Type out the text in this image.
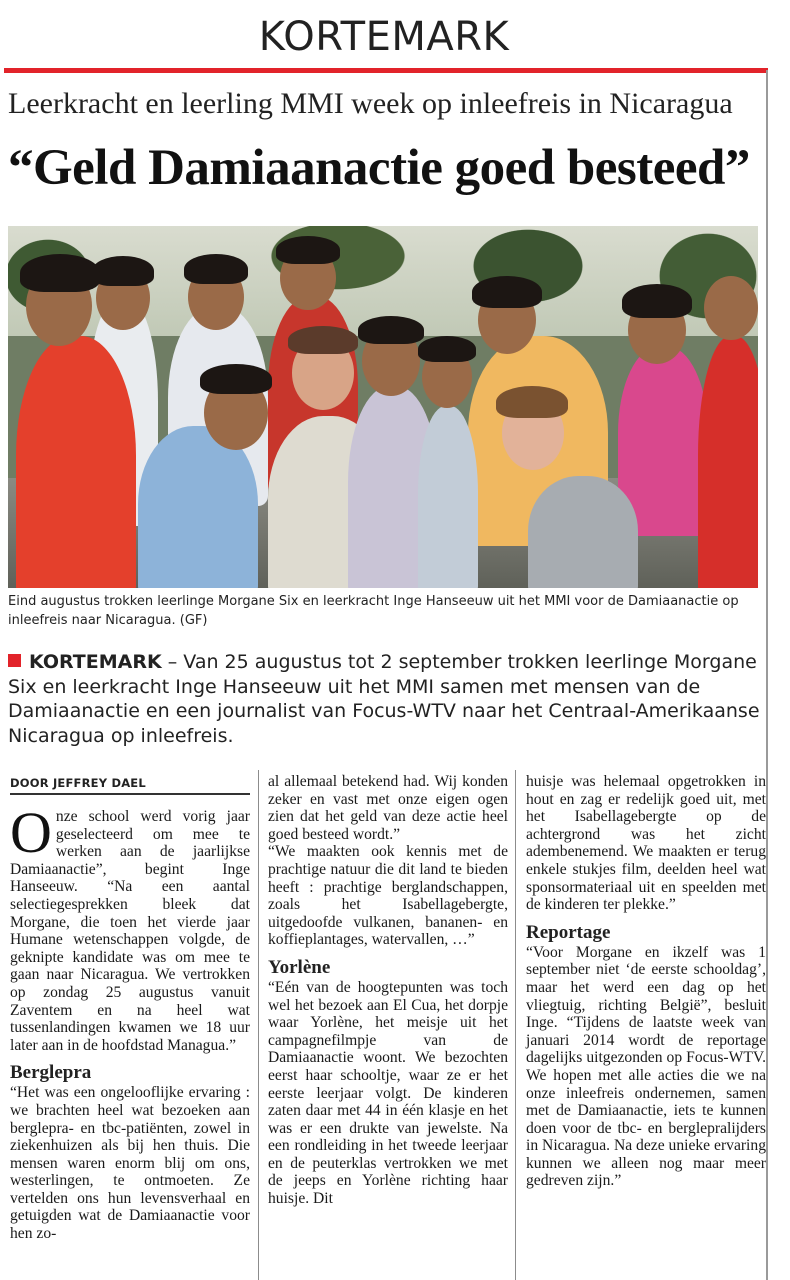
KORTEMARK
Leerkracht en leerling MMI week op inleefreis in Nicaragua
“Geld Damiaanactie goed besteed”
Eind augustus trokken leerlinge Morgane Six en leerkracht Inge Hanseeuw uit het MMI voor de Damiaanactie op inleefreis naar Nicaragua. (GF)
KORTEMARK – Van 25 augustus tot 2 september trokken leerlinge Morgane Six en leerkracht Inge Hanseeuw uit het MMI samen met mensen van de Damiaanactie en een journalist van Focus-WTV naar het Centraal-Amerikaanse Nicaragua op inleefreis.
DOOR JEFFREY DAEL

Onze school werd vorig jaar geselecteerd om mee te werken aan de jaarlijkse Damiaanactie”, begint Inge Hanseeuw. “Na een aantal selectiegesprekken bleek dat Morgane, die toen het vierde jaar Humane wetenschappen volgde, de geknipte kandidate was om mee te gaan naar Nicaragua. We vertrokken op zondag 25 augustus vanuit Zaventem en na heel wat tussenlandingen kwamen we 18 uur later aan in de hoofdstad Managua.”

Berglepra

“Het was een ongelooflijke ervaring : we brachten heel wat bezoeken aan berglepra- en tbc-patiënten, zowel in ziekenhuizen als bij hen thuis. Die mensen waren enorm blij om ons, westerlingen, te ontmoeten. Ze vertelden ons hun levensverhaal en getuigden wat de Damiaanactie voor hen zo-

al allemaal betekend had. Wij konden zeker en vast met onze eigen ogen zien dat het geld van deze actie heel goed besteed wordt.”

“We maakten ook kennis met de prachtige natuur die dit land te bieden heeft : prachtige berglandschappen, zoals het Isabellagebergte, uitgedoofde vulkanen, bananen- en koffieplantages, watervallen, …”

Yorlène

“Eén van de hoogtepunten was toch wel het bezoek aan El Cua, het dorpje waar Yorlène, het meisje uit het campagnefilmpje van de Damiaanactie woont. We bezochten eerst haar schooltje, waar ze er het eerste leerjaar volgt. De kinderen zaten daar met 44 in één klasje en het was er een drukte van jewelste. Na een rondleiding in het tweede leerjaar en de peuterklas vertrokken we met de jeeps en Yorlène richting haar huisje. Dit

huisje was helemaal opgetrokken in hout en zag er redelijk goed uit, met het Isabellagebergte op de achtergrond was het zicht adembenemend. We maakten er terug enkele stukjes film, deelden heel wat sponsormateriaal uit en speelden met de kinderen ter plekke.”

Reportage

“Voor Morgane en ikzelf was 1 september niet ‘de eerste schooldag’, maar het werd een dag op het vliegtuig, richting België”, besluit Inge. “Tijdens de laatste week van januari 2014 wordt de reportage dagelijks uitgezonden op Focus-WTV. We hopen met alle acties die we na onze inleefreis ondernemen, samen met de Damiaanactie, iets te kunnen doen voor de tbc- en berglepralijders in Nicaragua. Na deze unieke ervaring kunnen we alleen nog maar meer gedreven zijn.”
